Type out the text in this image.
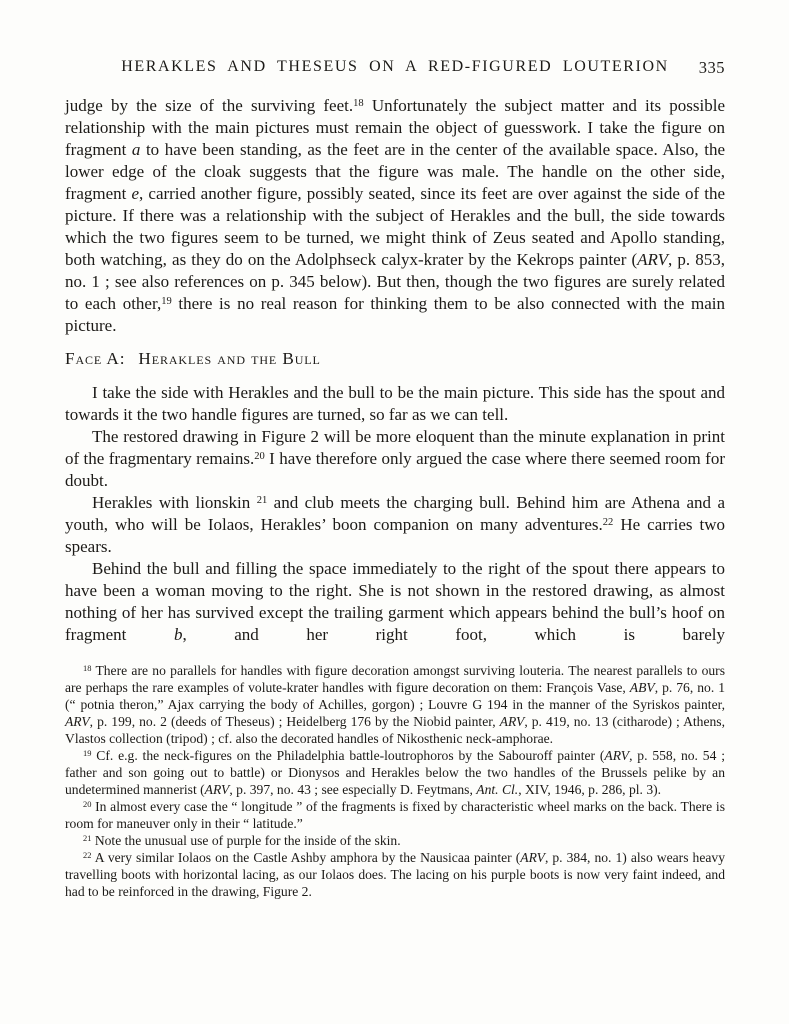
HERAKLES AND THESEUS ON A RED-FIGURED LOUTERION	335

judge by the size of the surviving feet.$^{18}$ Unfortunately the subject matter and its possible relationship with the main pictures must remain the object of guesswork. I take the figure on fragment a to have been standing, as the feet are in the center of the available space. Also, the lower edge of the cloak suggests that the figure was male. The handle on the other side, fragment e, carried another figure, possibly seated, since its feet are over against the side of the picture. If there was a relationship with the subject of Herakles and the bull, the side towards which the two figures seem to be turned, we might think of Zeus seated and Apollo standing, both watching, as they do on the Adolphseck calyx-krater by the Kekrops painter (ARV, p. 853, no. 1 ; see also references on p. 345 below). But then, though the two figures are surely related to each other,$^{19}$ there is no real reason for thinking them to be also connected with the main picture.

Face A: Herakles and the Bull

I take the side with Herakles and the bull to be the main picture. This side has the spout and towards it the two handle figures are turned, so far as we can tell.

The restored drawing in Figure 2 will be more eloquent than the minute explanation in print of the fragmentary remains.$^{20}$ I have therefore only argued the case where there seemed room for doubt.

Herakles with lionskin $^{21}$ and club meets the charging bull. Behind him are Athena and a youth, who will be Iolaos, Herakles’ boon companion on many adventures.$^{22}$ He carries two spears.

Behind the bull and filling the space immediately to the right of the spout there appears to have been a woman moving to the right. She is not shown in the restored drawing, as almost nothing of her has survived except the trailing garment which appears behind the bull’s hoof on fragment b, and her right foot, which is barely

$^{18}$ There are no parallels for handles with figure decoration amongst surviving louteria. The nearest parallels to ours are perhaps the rare examples of volute-krater handles with figure decoration on them: François Vase, ABV, p. 76, no. 1 (“ potnia theron,” Ajax carrying the body of Achilles, gorgon) ; Louvre G 194 in the manner of the Syriskos painter, ARV, p. 199, no. 2 (deeds of Theseus) ; Heidelberg 176 by the Niobid painter, ARV, p. 419, no. 13 (citharode) ; Athens, Vlastos collection (tripod) ; cf. also the decorated handles of Nikosthenic neck-amphorae.

$^{19}$ Cf. e.g. the neck-figures on the Philadelphia battle-loutrophoros by the Sabouroff painter (ARV, p. 558, no. 54 ; father and son going out to battle) or Dionysos and Herakles below the two handles of the Brussels pelike by an undetermined mannerist (ARV, p. 397, no. 43 ; see especially D. Feytmans, Ant. Cl., XIV, 1946, p. 286, pl. 3).

$^{20}$ In almost every case the “ longitude ” of the fragments is fixed by characteristic wheel marks on the back. There is room for maneuver only in their “ latitude.”

$^{21}$ Note the unusual use of purple for the inside of the skin.

$^{22}$ A very similar Iolaos on the Castle Ashby amphora by the Nausicaa painter (ARV, p. 384, no. 1) also wears heavy travelling boots with horizontal lacing, as our Iolaos does. The lacing on his purple boots is now very faint indeed, and had to be reinforced in the drawing, Figure 2.
